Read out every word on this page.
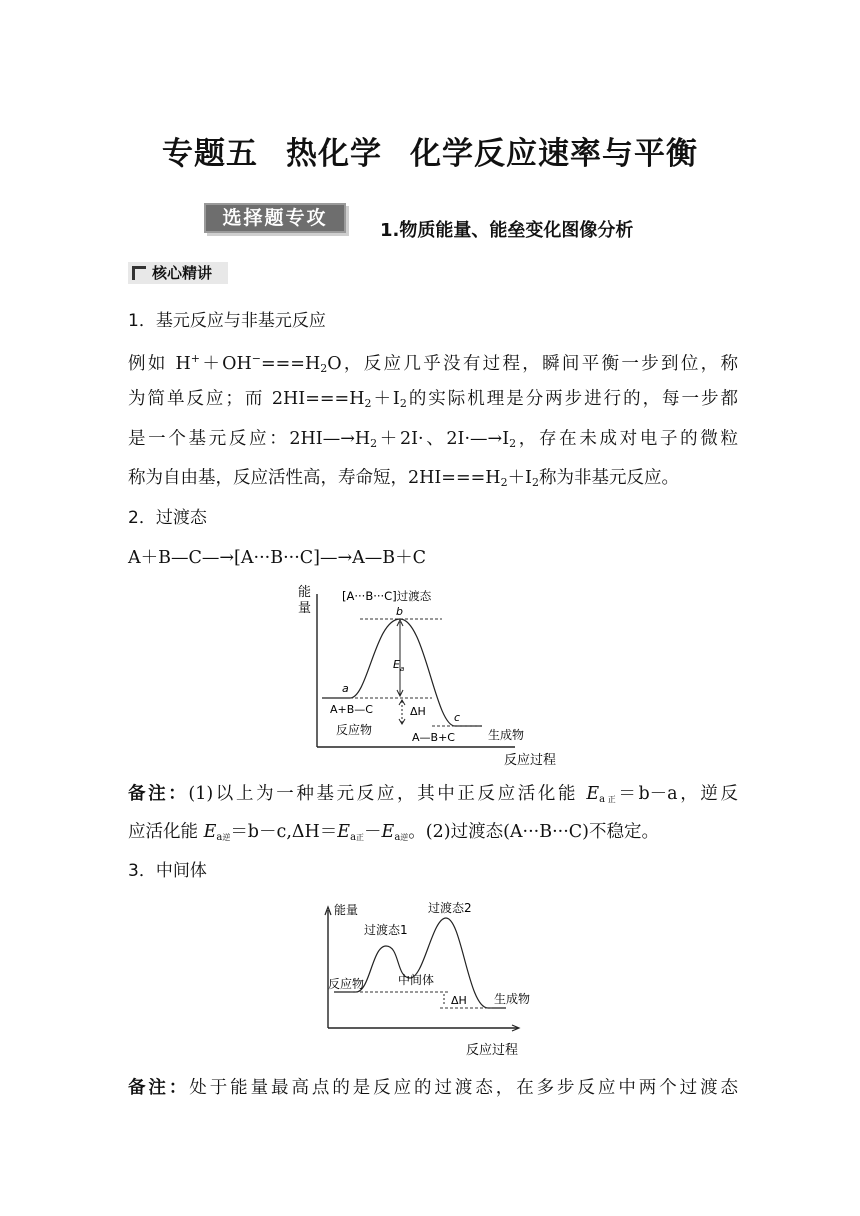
专题五 热化学 化学反应速率与平衡
选择题专攻
1.物质能量、能垒变化图像分析
核心精讲
1．基元反应与非基元反应
例如 $H^++OH^-===H_2O$，反应几乎没有过程，瞬间平衡一步到位，称
为简单反应；而 $2HI===H_2+I_2$的实际机理是分两步进行的，每一步都
是一个基元反应：$2HI—\to H_2+2I\cdot$、$2I\cdot—\to I_2$，存在未成对电子的微粒
称为自由基，反应活性高，寿命短，$2HI===H_2+I_2$称为非基元反应。
2．过渡态
A＋B—C—→[A···B···C]—→A—B＋C
能
量
[A···B···C]过渡态
b
$E_a$
ΔH
a
c
A+B—C
反应物
A—B+C	生成物
反应过程
备注：(1)以上为一种基元反应，其中正反应活化能 Ea正＝b－a，逆反
应活化能 Ea逆＝b－c,ΔH＝Ea正－Ea逆。(2)过渡态(A···B···C)不稳定。
3．中间体
能量	过渡态2
过渡态1
反应物	中间体
ΔH 生成物
反应过程
备注：处于能量最高点的是反应的过渡态，在多步反应中两个过渡态
